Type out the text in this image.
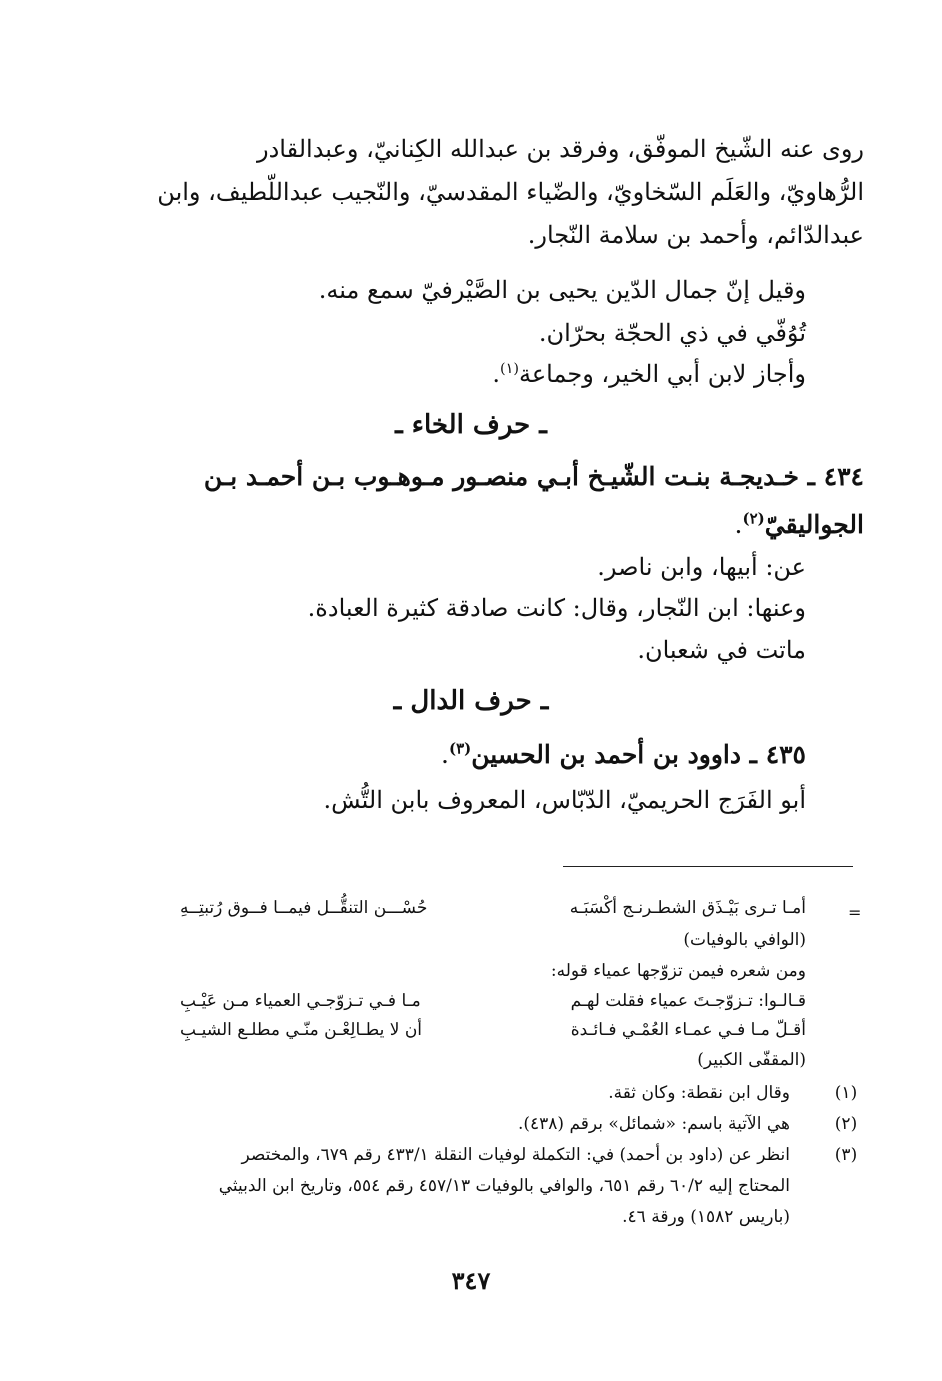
روى عنه الشّيخ الموفّق، وفرقد بن عبدالله الكِنانيّ، وعبدالقادر
الرُّهاويّ، والعَلَم السّخاويّ، والضّياء المقدسيّ، والنّجيب عبداللّطيف، وابن
عبدالدّائم، وأحمد بن سلامة النّجار.
وقيل إنّ جمال الدّين يحيى بن الصَّيْرفيّ سمع منه.
تُوُفّي في ذي الحجّة بحرّان.
وأجاز لابن أبي الخير، وجماعة$^{(١)}$.
ـ حرف الخاء ـ
٤٣٤ ـ خـديجـة بنـت الشّيـخ أبـي منصـور مـوهـوب بـن أحمـد بـن
الجواليقيّ$^{(٢)}$.
عن: أبيها، وابن ناصر.
وعنها: ابن النّجار، وقال: كانت صادقة كثيرة العبادة.
ماتت في شعبان.
ـ حرف الدال ـ
٤٣٥ ـ داوود بن أحمد بن الحسين$^{(٣)}$.
أبو الفَرَج الحريميّ، الدّبّاس، المعروف بابن التُّش.
=
أمـا تـرى بَيْـذَق الشطـرنـج أكْسَبَـه
حُسْـــن التنقُّــل فيمــا فــوق رُتبتِــهِ
(الوافي بالوفيات)
ومن شعره فيمن تزوّجها عمياء قوله:
قـالـوا: تـزوّجـتَ عمياء فقلت لهـم
مـا فـي تـزوّجـي العمياء مـن عَيْـبِ
أقـلّ مـا فـي عمـاء العُمْـي فـائـدة
أن لا يطـالِعْـن منّـي مطلـع الشيـبِ
(المقفّى الكبير)
(١)
وقال ابن نقطة: وكان ثقة.
(٢)
هي الآتية باسم: «شمائل» برقم (٤٣٨).
(٣)
انظر عن (داود بن أحمد) في: التكملة لوفيات النقلة ٤٣٣/١ رقم ٦٧٩، والمختصر
المحتاج إليه ٦٠/٢ رقم ٦٥١، والوافي بالوفيات ٤٥٧/١٣ رقم ٥٥٤، وتاريخ ابن الدبيثي
(باريس ١٥٨٢) ورقة ٤٦.
٣٤٧
